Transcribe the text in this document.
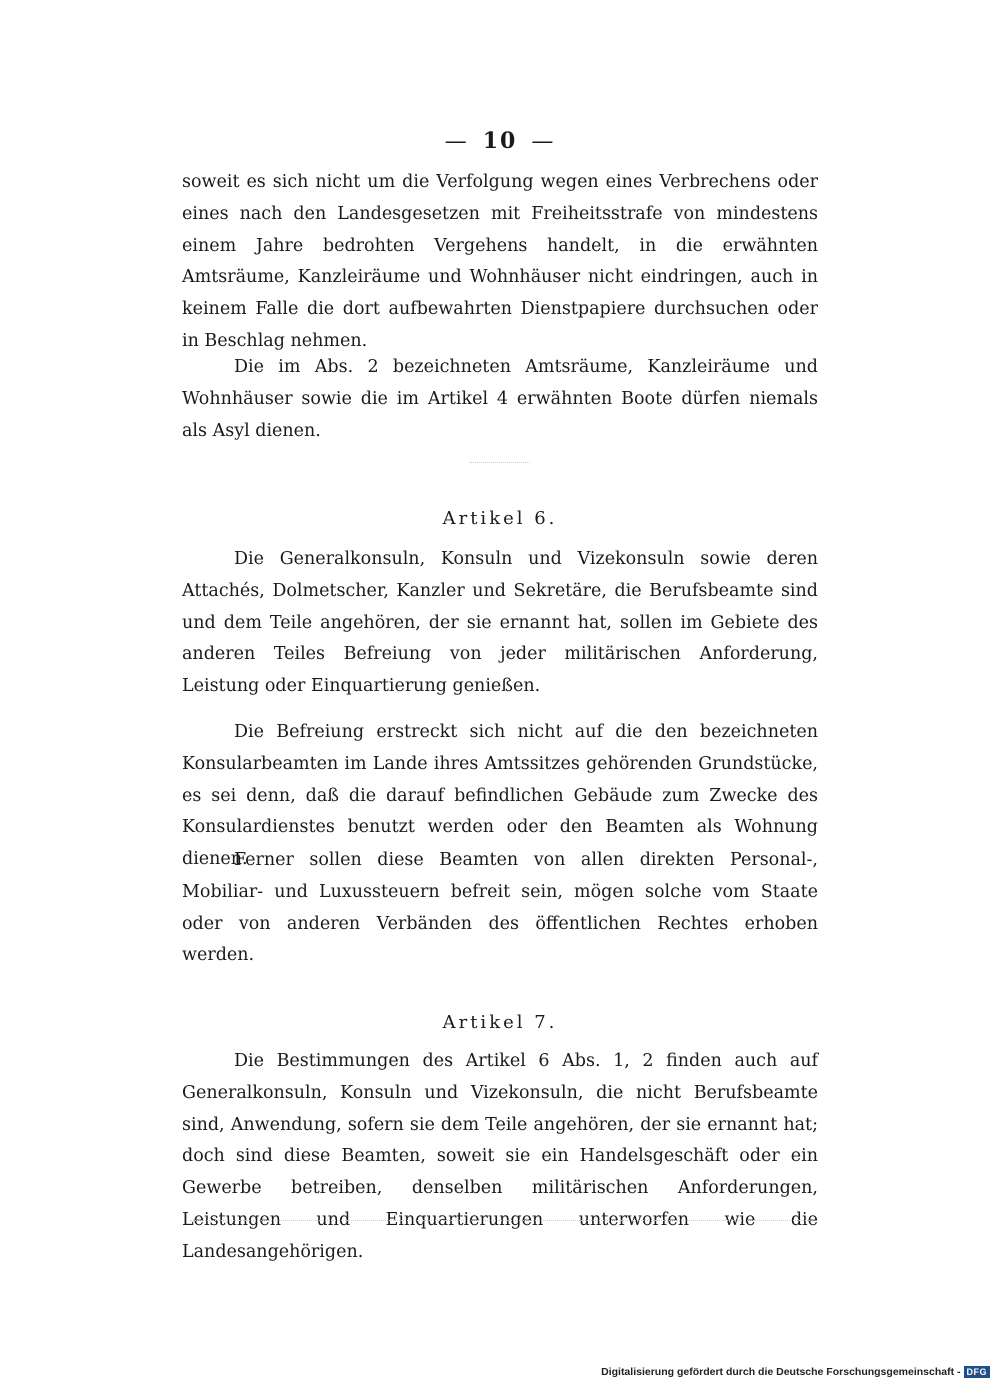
— 10 —

soweit es sich nicht um die Verfolgung wegen eines Verbrechens oder eines nach den Landesgesetzen mit Freiheitsstrafe von mindestens einem Jahre bedrohten Vergehens handelt, in die erwähnten Amtsräume, Kanzleiräume und Wohnhäuser nicht eindringen, auch in keinem Falle die dort aufbewahrten Dienstpapiere durchsuchen oder in Beschlag nehmen.

Die im Abs. 2 bezeichneten Amtsräume, Kanzleiräume und Wohnhäuser sowie die im Artikel 4 erwähnten Boote dürfen niemals als Asyl dienen.

Artikel 6.

Die Generalkonsuln, Konsuln und Vizekonsuln sowie deren Attachés, Dolmetscher, Kanzler und Sekretäre, die Berufsbeamte sind und dem Teile angehören, der sie ernannt hat, sollen im Gebiete des anderen Teiles Befreiung von jeder militärischen Anforderung, Leistung oder Einquartierung genießen.

Die Befreiung erstreckt sich nicht auf die den bezeichneten Konsularbeamten im Lande ihres Amtssitzes gehörenden Grundstücke, es sei denn, daß die darauf befindlichen Gebäude zum Zwecke des Konsulardienstes benutzt werden oder den Beamten als Wohnung dienen.

Ferner sollen diese Beamten von allen direkten Personal-, Mobiliar- und Luxussteuern befreit sein, mögen solche vom Staate oder von anderen Verbänden des öffentlichen Rechtes erhoben werden.

Artikel 7.

Die Bestimmungen des Artikel 6 Abs. 1, 2 finden auch auf Generalkonsuln, Konsuln und Vizekonsuln, die nicht Berufsbeamte sind, Anwendung, sofern sie dem Teile angehören, der sie ernannt hat; doch sind diese Beamten, soweit sie ein Handelsgeschäft oder ein Gewerbe betreiben, denselben militärischen Anforderungen, Leistungen und Einquartierungen unterworfen wie die Landesangehörigen.

Digitalisierung gefördert durch die Deutsche Forschungsgemeinschaft - DFG
